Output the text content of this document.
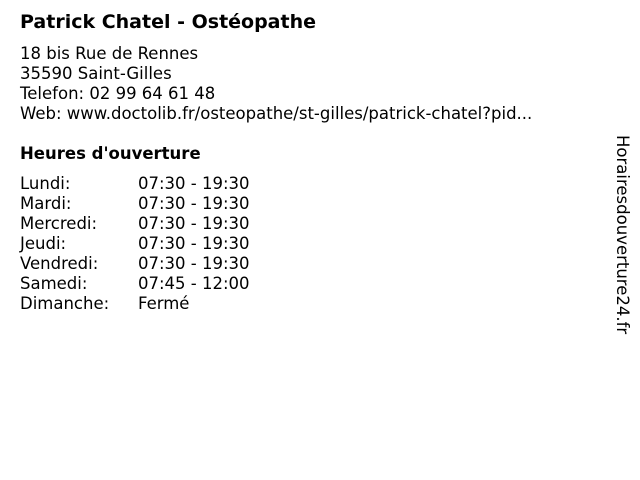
Patrick Chatel - Ostéopathe
18 bis Rue de Rennes
35590 Saint-Gilles
Telefon: 02 99 64 61 48
Web: www.doctolib.fr/osteopathe/st-gilles/patrick-chatel?pid...
Heures d'ouverture
Lundi:	07:30 - 19:30
Mardi:	07:30 - 19:30
Mercredi:	07:30 - 19:30
Jeudi:	07:30 - 19:30
Vendredi:	07:30 - 19:30
Samedi:	07:45 - 12:00
Dimanche:	Fermé	Horairesdouverture24.fr
